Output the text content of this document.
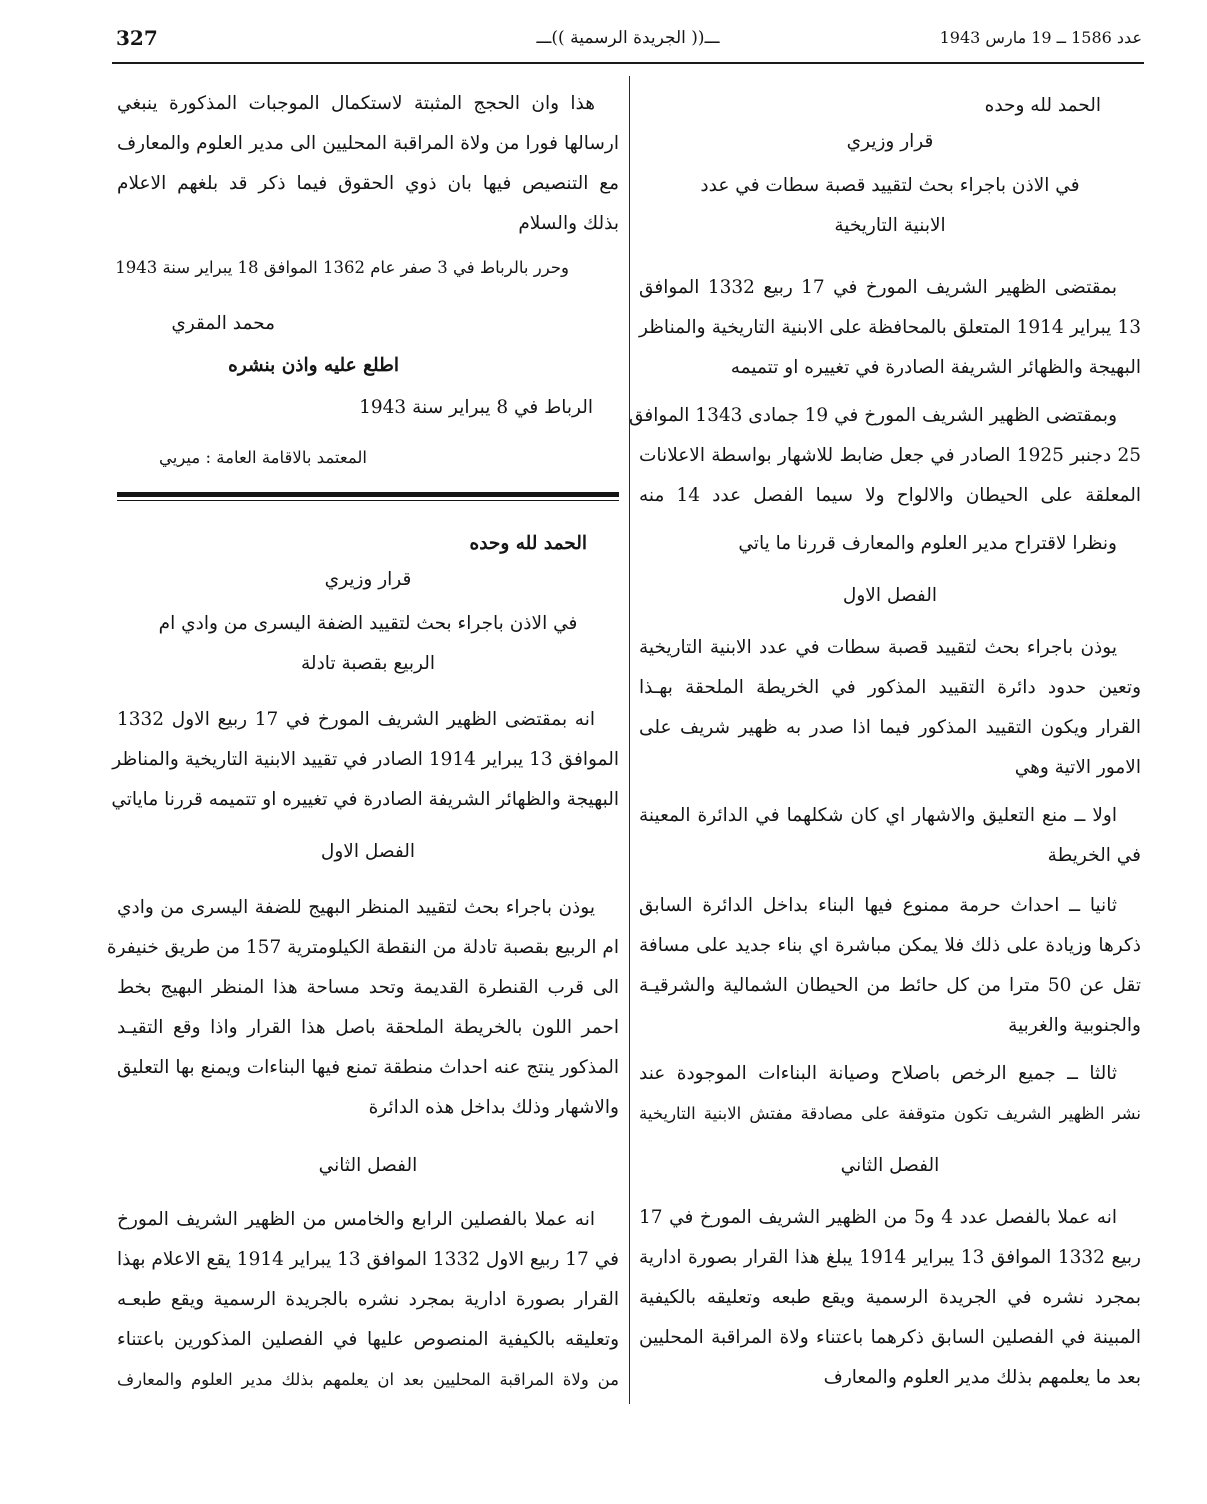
327	ـــ(( الجريدة الرسمية ))ـــ	عدد 1586 ــ 19 مارس 1943
الحمد لله وحده
قرار وزيري
في الاذن باجراء بحث لتقييد قصبة سطات في عدد
الابنية التاريخية
بمقتضى الظهير الشريف المورخ في 17 ربيع 1332 الموافق
13 يبراير 1914 المتعلق بالمحافظة على الابنية التاريخية والمناظر
البهيجة والظهائر الشريفة الصادرة في تغييره او تتميمه
وبمقتضى الظهير الشريف المورخ في 19 جمادى 1343 الموافق
25 دجنبر 1925 الصادر في جعل ضابط للاشهار بواسطة الاعلانات
المعلقة على الحيطان والالواح ولا سيما الفصل عدد 14 منه
ونظرا لاقتراح مدير العلوم والمعارف قررنا ما ياتي
الفصل الاول
يوذن باجراء بحث لتقييد قصبة سطات في عدد الابنية التاريخية
وتعين حدود دائرة التقييد المذكور في الخريطة الملحقة بهـذا
القرار ويكون التقييد المذكور فيما اذا صدر به ظهير شريف على
الامور الاتية وهي
اولا ــ منع التعليق والاشهار اي كان شكلهما في الدائرة المعينة
في الخريطة
ثانيا ــ احداث حرمة ممنوع فيها البناء بداخل الدائرة السابق
ذكرها وزيادة على ذلك فلا يمكن مباشرة اي بناء جديد على مسافة
تقل عن 50 مترا من كل حائط من الحيطان الشمالية والشرقيـة
والجنوبية والغربية
ثالثا ــ جميع الرخص باصلاح وصيانة البناءات الموجودة عند
نشر الظهير الشريف تكون متوقفة على مصادقة مفتش الابنية التاريخية
الفصل الثاني
انه عملا بالفصل عدد 4 و5 من الظهير الشريف المورخ في 17
ربيع 1332 الموافق 13 يبراير 1914 يبلغ هذا القرار بصورة ادارية
بمجرد نشره في الجريدة الرسمية ويقع طبعه وتعليقه بالكيفية
المبينة في الفصلين السابق ذكرهما باعتناء ولاة المراقبة المحليين
بعد ما يعلمهم بذلك مدير العلوم والمعارف
هذا وان الحجج المثبتة لاستكمال الموجبات المذكورة ينبغي
ارسالها فورا من ولاة المراقبة المحليين الى مدير العلوم والمعارف
مع التنصيص فيها بان ذوي الحقوق فيما ذكر قد بلغهم الاعلام
بذلك والسلام
وحرر بالرباط في 3 صفر عام 1362 الموافق 18 يبراير سنة 1943
محمد المقري
اطلع عليه واذن بنشره
الرباط في 8 يبراير سنة 1943
المعتمد بالاقامة العامة : ميريي
الحمد لله وحده
قرار وزيري
في الاذن باجراء بحث لتقييد الضفة اليسرى من وادي ام
الربيع بقصبة تادلة
انه بمقتضى الظهير الشريف المورخ في 17 ربيع الاول 1332
الموافق 13 يبراير 1914 الصادر في تقييد الابنية التاريخية والمناظر
البهيجة والظهائر الشريفة الصادرة في تغييره او تتميمه قررنا ماياتي
الفصل الاول
يوذن باجراء بحث لتقييد المنظر البهيج للضفة اليسرى من وادي
ام الربيع بقصبة تادلة من النقطة الكيلومترية 157 من طريق خنيفرة
الى قرب القنطرة القديمة وتحد مساحة هذا المنظر البهيج بخط
احمر اللون بالخريطة الملحقة باصل هذا القرار واذا وقع التقيـد
المذكور ينتج عنه احداث منطقة تمنع فيها البناءات ويمنع بها التعليق
والاشهار وذلك بداخل هذه الدائرة
الفصل الثاني
انه عملا بالفصلين الرابع والخامس من الظهير الشريف المورخ
في 17 ربيع الاول 1332 الموافق 13 يبراير 1914 يقع الاعلام بهذا
القرار بصورة ادارية بمجرد نشره بالجريدة الرسمية ويقع طبعـه
وتعليقه بالكيفية المنصوص عليها في الفصلين المذكورين باعتناء
من ولاة المراقبة المحليين بعد ان يعلمهم بذلك مدير العلوم والمعارف
